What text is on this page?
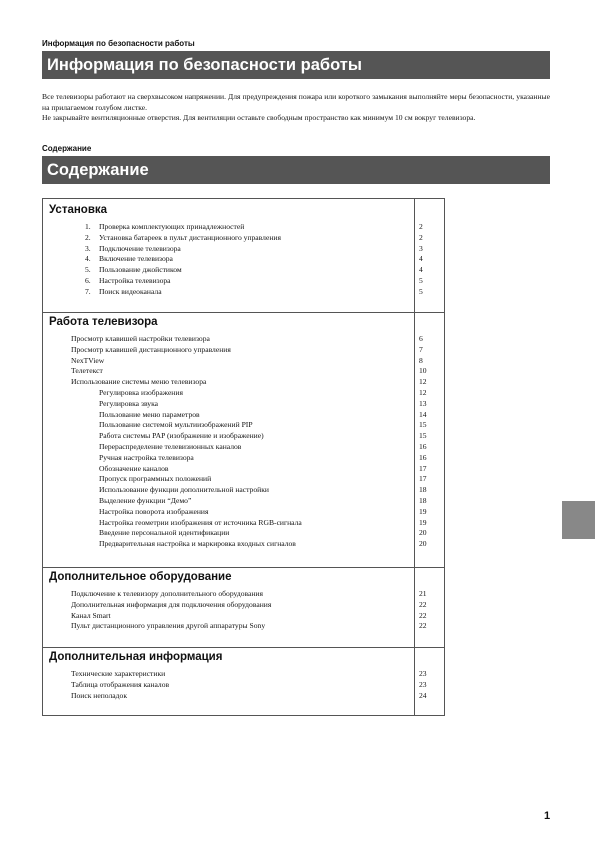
Информация по безопасности работы
Информация по безопасности работы

Все телевизоры работают на сверхвысоком напряжении. Для предупреждения пожара или короткого замыкания выполняйте меры безопасности, указанные на прилагаемом голубом листке.

Не закрывайте вентиляционные отверстия. Для вентиляции оставьте свободным пространство как минимум 10 см вокруг телевизора.

Содержание
Содержание
Установка
1. Проверка комплектующих принадлежностей	2
2. Установка батареек в пульт дистанционного управления	2
3. Подключение телевизора	3
4. Включение телевизора	4
5. Пользование джойстиком	4
6. Настройка телевизора	5
7. Поиск видеоканала	5
Работа телевизора
Просмотр клавишей настройки телевизора	6
Просмотр клавишей дистанционного управления	7
NexTView	8
Телетекст	10
Использование системы меню телевизора	12
Регулировка изображения	12
Регулировка звука	13
Пользование меню параметров	14
Пользование системой мультиизображений PIP	15
Работа системы PAP (изображение и изображение)	15
Перераспределение телевизионных каналов	16
Ручная настройка телевизора	16
Обозначение каналов	17
Пропуск программных положений	17
Использование функции дополнительной настройки	18
Выделение функции “Демо”	18
Настройка поворота изображения	19
Настройка геометрии изображения от источника RGB-сигнала	19
Введение персональной идентификации	20
Предварительная настройка и маркировка входных сигналов	20
Дополнительное оборудование
Подключение к телевизору дополнительного оборудования	21
Дополнительная информация для подключения оборудования	22
Канал Smart	22
Пульт дистанционного управления другой аппаратуры Sony	22
Дополнительная информация
Технические характеристики	23
Таблица отображения каналов	23
Поиск неполадок	24
1
